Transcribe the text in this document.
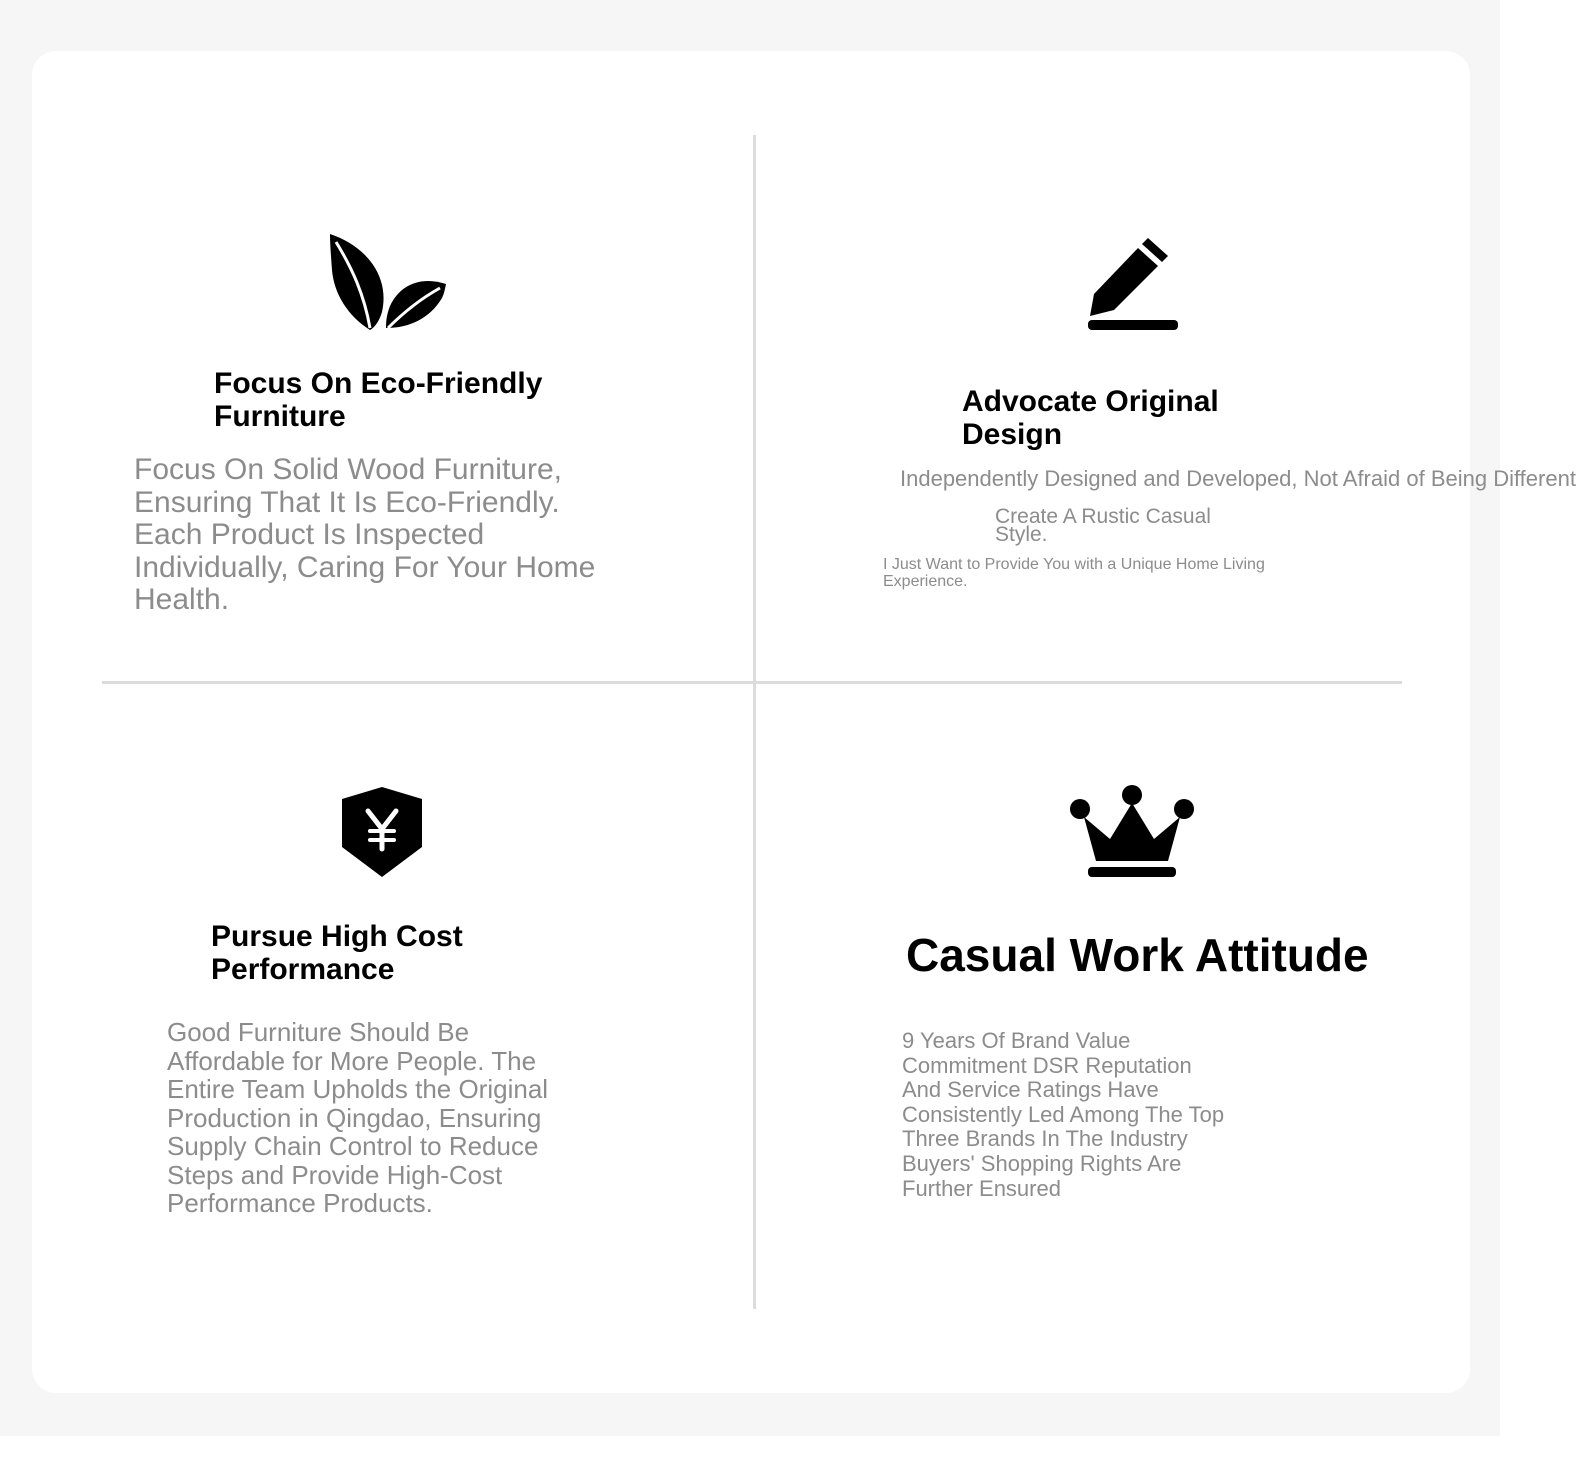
Focus On Eco-Friendly
Furniture

Focus On Solid Wood Furniture,
Ensuring That It Is Eco-Friendly.
Each Product Is Inspected
Individually, Caring For Your Home
Health.

Advocate Original Design

Independently Designed and Developed, Not Afraid of Being Different

Create A Rustic Casual
Style.

I Just Want to Provide You with a Unique Home Living
Experience.

Pursue High Cost
Performance

Good Furniture Should Be
Affordable for More People. The
Entire Team Upholds the Original
Production in Qingdao, Ensuring
Supply Chain Control to Reduce
Steps and Provide High-Cost
Performance Products.

Casual Work Attitude

9 Years Of Brand Value
Commitment DSR Reputation
And Service Ratings Have
Consistently Led Among The Top
Three Brands In The Industry
Buyers' Shopping Rights Are
Further Ensured
